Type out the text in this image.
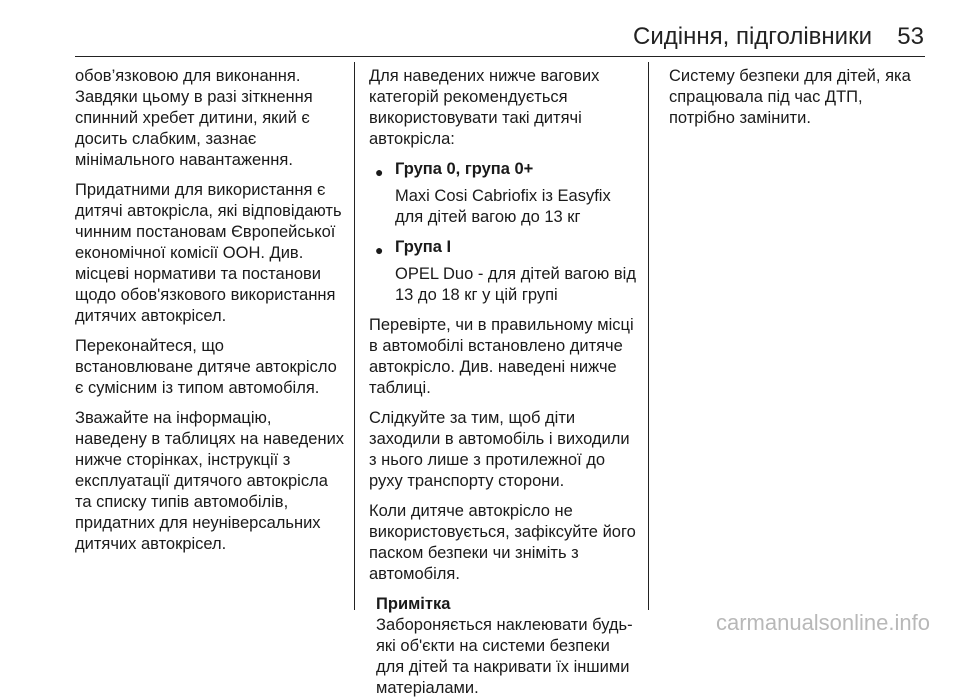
Сидіння, підголівники 53

обов’язковою для виконання. Завдяки цьому в разі зіткнення спинний хребет дитини, який є досить слабким, зазнає мінімального навантаження.

Придатними для використання є дитячі автокрісла, які відповідають чинним постановам Європейської економічної комісії ООН. Див. місцеві нормативи та постанови щодо обов'язкового використання дитячих автокрісел.

Переконайтеся, що встановлюване дитяче автокрісло є сумісним із типом автомобіля.

Зважайте на інформацію, наведену в таблицях на наведених нижче сторінках, інструкції з експлуатації дитячого автокрісла та списку типів автомобілів, придатних для неуніверсальних дитячих автокрісел.

Для наведених нижче вагових категорій рекомендується використовувати такі дитячі автокрісла:

● Група 0, група 0+
Maxi Cosi Cabriofix із Easyfix для дітей вагою до 13 кг
● Група I
OPEL Duo - для дітей вагою від 13 до 18 кг у цій групі

Перевірте, чи в правильному місці в автомобілі встановлено дитяче автокрісло. Див. наведені нижче таблиці.

Слідкуйте за тим, щоб діти заходили в автомобіль і виходили з нього лише з протилежної до руху транспорту сторони.

Коли дитяче автокрісло не використовується, зафіксуйте його паском безпеки чи зніміть з автомобіля.

Примітка
Забороняється наклеювати будь-які об'єкти на системи безпеки для дітей та накривати їх іншими матеріалами.

Систему безпеки для дітей, яка спрацювала під час ДТП, потрібно замінити.

carmanualsonline.info
